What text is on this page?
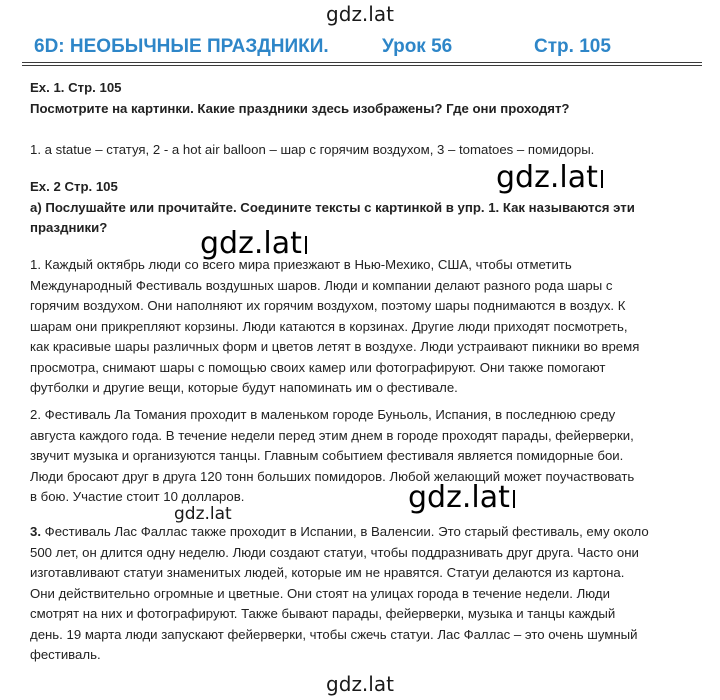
gdz.lat
6D: НЕОБЫЧНЫЕ ПРАЗДНИКИ.	Урок 56	Стр. 105

Ex. 1. Стр. 105

Посмотрите на картинки. Какие праздники здесь изображены? Где они проходят?

1. a statue – статуя, 2 - a hot air balloon – шар с горячим воздухом, 3 – tomatoes – помидоры.

Ex. 2 Стр. 105

а) Послушайте или прочитайте. Соедините тексты с картинкой в упр. 1. Как называются эти

праздники?

1. Каждый октябрь люди со всего мира приезжают в Нью-Мехико, США, чтобы отметить

Международный Фестиваль воздушных шаров. Люди и компании делают разного рода шары с

горячим воздухом. Они наполняют их горячим воздухом, поэтому шары поднимаются в воздух. К

шарам они прикрепляют корзины. Люди катаются в корзинах. Другие люди приходят посмотреть,

как красивые шары различных форм и цветов летят в воздухе. Люди устраивают пикники во время

просмотра, снимают шары с помощью своих камер или фотографируют. Они также помогают

футболки и другие вещи, которые будут напоминать им о фестивале.

2. Фестиваль Ла Томания проходит в маленьком городе Буньоль, Испания, в последнюю среду

августа каждого года. В течение недели перед этим днем в городе проходят парады, фейерверки,

звучит музыка и организуются танцы. Главным событием фестиваля является помидорные бои.

Люди бросают друг в друга 120 тонн больших помидоров. Любой желающий может поучаствовать

в бою. Участие стоит 10 долларов.

3. Фестиваль Лас Фаллас также проходит в Испании, в Валенсии. Это старый фестиваль, ему около

500 лет, он длится одну неделю. Люди создают статуи, чтобы поддразнивать друг друга. Часто они

изготавливают статуи знаменитых людей, которые им не нравятся. Статуи делаются из картона.

Они действительно огромные и цветные. Они стоят на улицах города в течение недели. Люди

смотрят на них и фотографируют. Также бывают парады, фейерверки, музыка и танцы каждый

день. 19 марта люди запускают фейерверки, чтобы сжечь статуи. Лас Фаллас – это очень шумный

фестиваль.

gdz.lat
gdz.lat
gdz.lat
gdz.lat
gdz.lat
